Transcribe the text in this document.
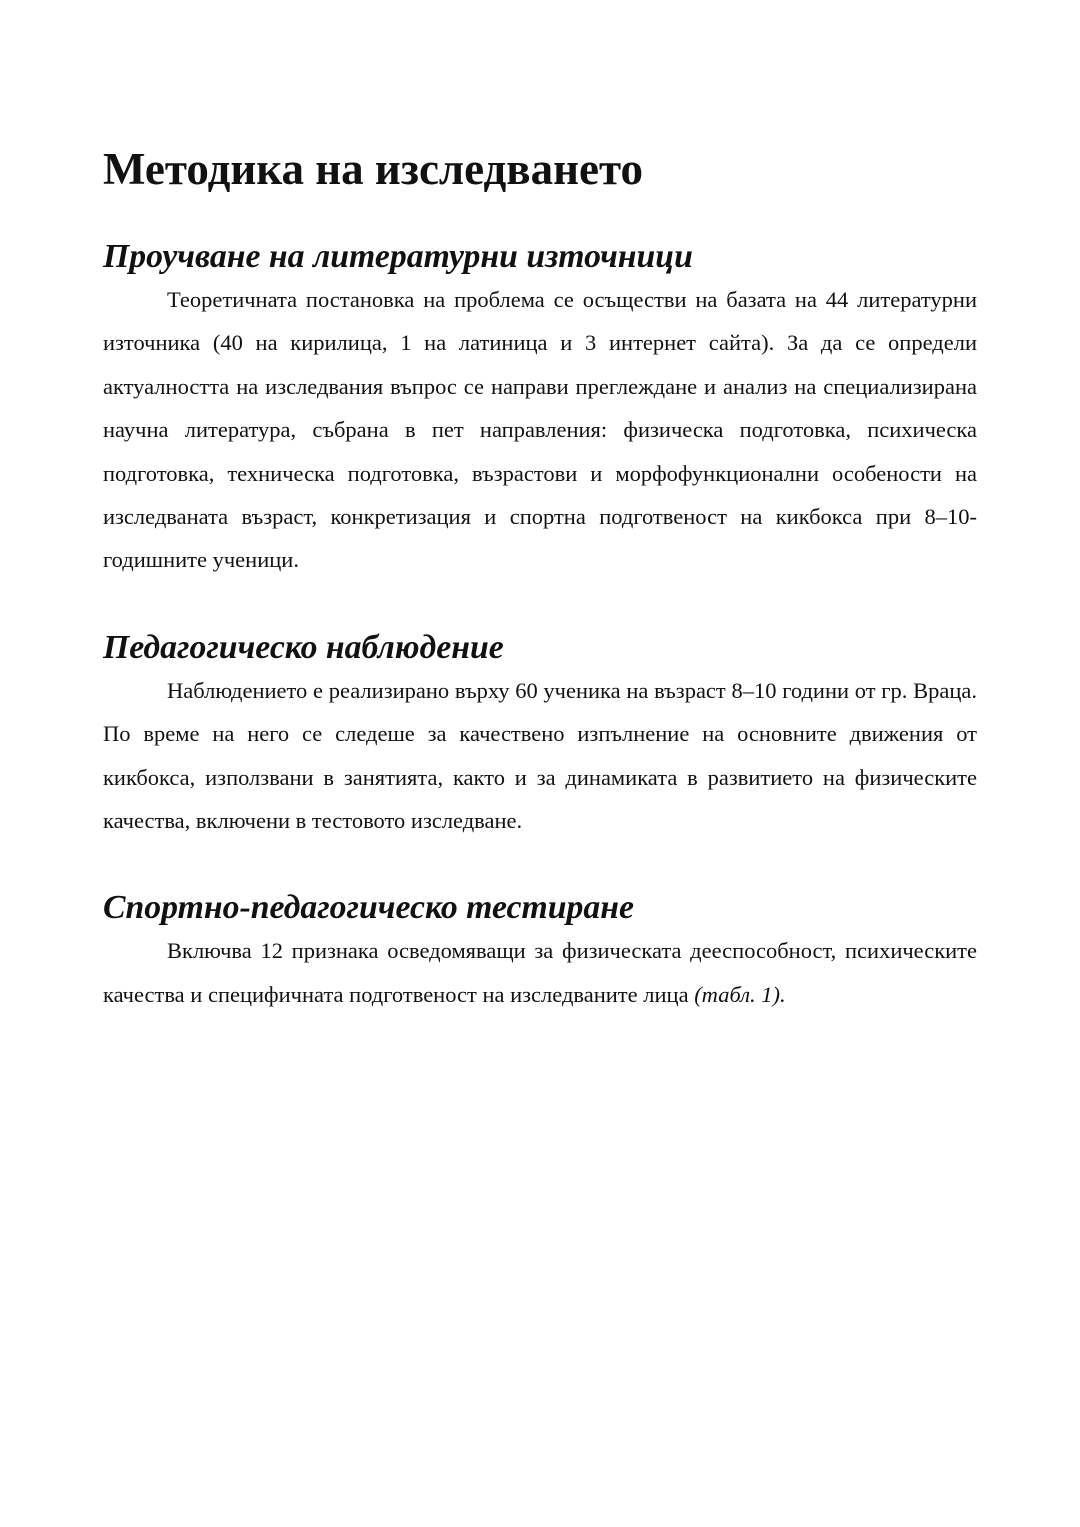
Методика на изследването
Проучване на литературни източници

Теоретичната постановка на проблема се осъществи на базата на 44 литературни източника (40 на кирилица, 1 на латиница и 3 интернет сайта). За да се определи актуалността на изследвания въпрос се направи преглеждане и анализ на специализирана научна литература, събрана в пет направления: физическа подготовка, психическа подготовка, техническа подготовка, възрастови и морфофункционални особености на изследваната възраст, конкретизация и спортна подготвеност на кикбокса при 8–10-годишните ученици.

Педагогическо наблюдение

Наблюдението е реализирано върху 60 ученика на възраст 8–10 години от гр. Враца. По време на него се следеше за качествено изпълнение на основните движения от кикбокса, използвани в занятията, както и за динамиката в развитието на физическите качества, включени в тестовото изследване.

Спортно-педагогическо тестиране

Включва 12 признака осведомяващи за физическата дееспособност, психическите качества и специфичната подготвеност на изследваните лица (табл. 1).
